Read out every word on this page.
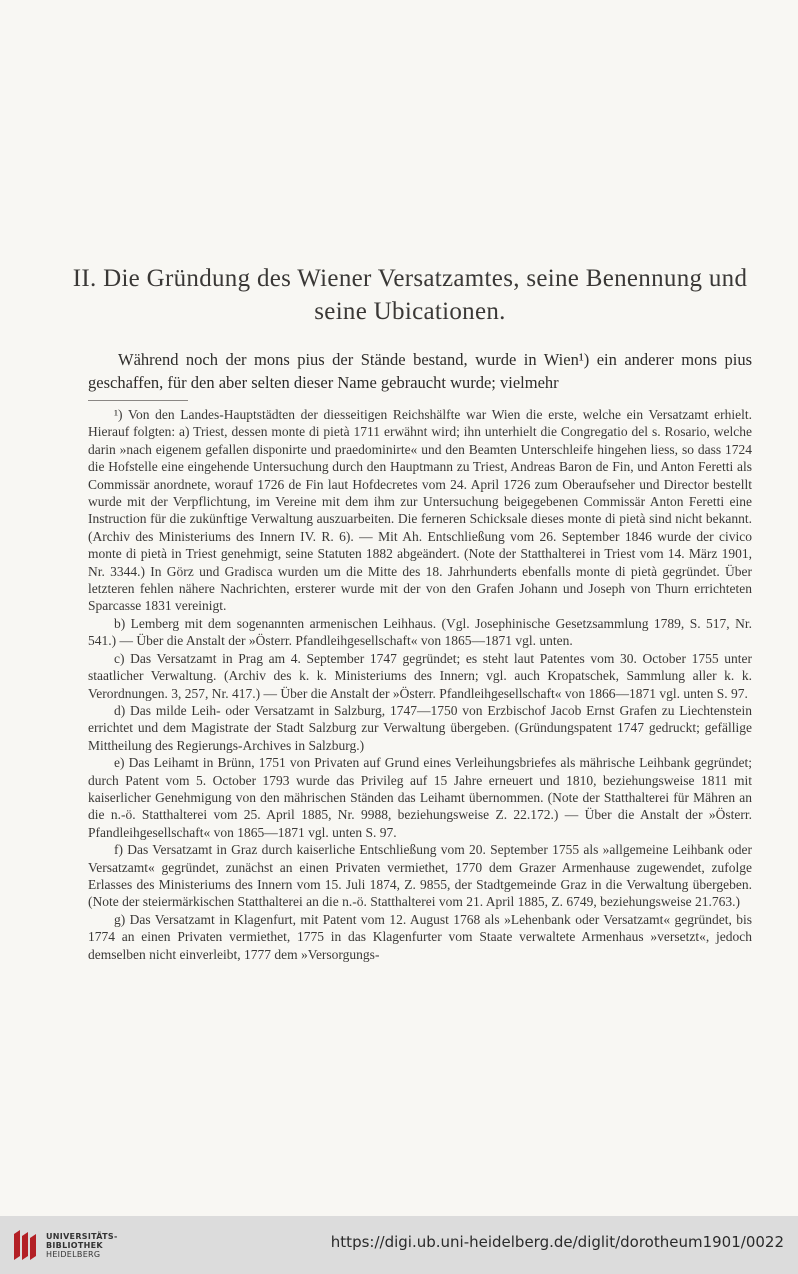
II. Die Gründung des Wiener Versatzamtes, seine Benennung und
seine Ubicationen.
Während noch der mons pius der Stände bestand, wurde in Wien¹) ein anderer mons pius geschaffen, für den aber selten dieser Name gebraucht wurde; vielmehr

¹) Von den Landes-Hauptstädten der diesseitigen Reichshälfte war Wien die erste, welche ein Versatzamt erhielt. Hierauf folgten: a) Triest, dessen monte di pietà 1711 erwähnt wird; ihn unterhielt die Congregatio del s. Rosario, welche darin »nach eigenem gefallen disponirte und praedominirte« und den Beamten Unterschleife hingehen liess, so dass 1724 die Hofstelle eine eingehende Untersuchung durch den Hauptmann zu Triest, Andreas Baron de Fin, und Anton Feretti als Commissär anordnete, worauf 1726 de Fin laut Hofdecretes vom 24. April 1726 zum Oberaufseher und Director bestellt wurde mit der Verpflichtung, im Vereine mit dem ihm zur Untersuchung beigegebenen Commissär Anton Feretti eine Instruction für die zukünftige Verwaltung auszuarbeiten. Die ferneren Schicksale dieses monte di pietà sind nicht bekannt. (Archiv des Ministeriums des Innern IV. R. 6). — Mit Ah. Entschließung vom 26. September 1846 wurde der civico monte di pietà in Triest genehmigt, seine Statuten 1882 abgeändert. (Note der Statthalterei in Triest vom 14. März 1901, Nr. 3344.) In Görz und Gradisca wurden um die Mitte des 18. Jahrhunderts ebenfalls monte di pietà gegründet. Über letzteren fehlen nähere Nachrichten, ersterer wurde mit der von den Grafen Johann und Joseph von Thurn errichteten Sparcasse 1831 vereinigt.

b) Lemberg mit dem sogenannten armenischen Leihhaus. (Vgl. Josephinische Gesetzsammlung 1789, S. 517, Nr. 541.) — Über die Anstalt der »Österr. Pfandleihgesellschaft« von 1865—1871 vgl. unten.

c) Das Versatzamt in Prag am 4. September 1747 gegründet; es steht laut Patentes vom 30. October 1755 unter staatlicher Verwaltung. (Archiv des k. k. Ministeriums des Innern; vgl. auch Kropatschek, Sammlung aller k. k. Verordnungen. 3, 257, Nr. 417.) — Über die Anstalt der »Österr. Pfandleihgesellschaft« von 1866—1871 vgl. unten S. 97.

d) Das milde Leih- oder Versatzamt in Salzburg, 1747—1750 von Erzbischof Jacob Ernst Grafen zu Liechtenstein errichtet und dem Magistrate der Stadt Salzburg zur Verwaltung übergeben. (Gründungspatent 1747 gedruckt; gefällige Mittheilung des Regierungs-Archives in Salzburg.)

e) Das Leihamt in Brünn, 1751 von Privaten auf Grund eines Verleihungsbriefes als mährische Leihbank gegründet; durch Patent vom 5. October 1793 wurde das Privileg auf 15 Jahre erneuert und 1810, beziehungsweise 1811 mit kaiserlicher Genehmigung von den mährischen Ständen das Leihamt übernommen. (Note der Statthalterei für Mähren an die n.-ö. Statthalterei vom 25. April 1885, Nr. 9988, beziehungsweise Z. 22.172.) — Über die Anstalt der »Österr. Pfandleihgesellschaft« von 1865—1871 vgl. unten S. 97.

f) Das Versatzamt in Graz durch kaiserliche Entschließung vom 20. September 1755 als »allgemeine Leihbank oder Versatzamt« gegründet, zunächst an einen Privaten vermiethet, 1770 dem Grazer Armenhause zugewendet, zufolge Erlasses des Ministeriums des Innern vom 15. Juli 1874, Z. 9855, der Stadtgemeinde Graz in die Verwaltung übergeben. (Note der steiermärkischen Statthalterei an die n.-ö. Statthalterei vom 21. April 1885, Z. 6749, beziehungsweise 21.763.)

g) Das Versatzamt in Klagenfurt, mit Patent vom 12. August 1768 als »Lehenbank oder Versatzamt« gegründet, bis 1774 an einen Privaten vermiethet, 1775 in das Klagenfurter vom Staate verwaltete Armenhaus »versetzt«, jedoch demselben nicht einverleibt, 1777 dem »Versorgungs-

UNIVERSITÄTS-
BIBLIOTHEK
HEIDELBERG
https://digi.ub.uni-heidelberg.de/diglit/dorotheum1901/0022
